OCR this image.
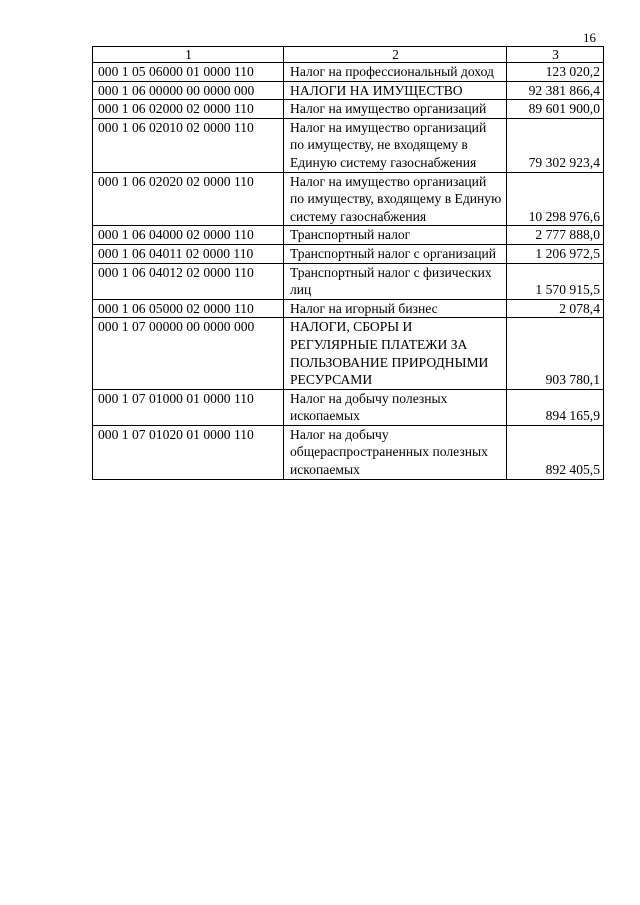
16
1	2	3
000 1 05 06000 01 0000 110	Налог на профессиональный доход	123 020,2
000 1 06 00000 00 0000 000	НАЛОГИ НА ИМУЩЕСТВО	92 381 866,4
000 1 06 02000 02 0000 110	Налог на имущество организаций	89 601 900,0
000 1 06 02010 02 0000 110	Налог на имущество организаций по имуществу, не входящему в Единую систему газоснабжения	79 302 923,4
000 1 06 02020 02 0000 110	Налог на имущество организаций по имуществу, входящему в Единую систему газоснабжения	10 298 976,6
000 1 06 04000 02 0000 110	Транспортный налог	2 777 888,0
000 1 06 04011 02 0000 110	Транспортный налог с организаций	1 206 972,5
000 1 06 04012 02 0000 110	Транспортный налог с физических лиц	1 570 915,5
000 1 06 05000 02 0000 110	Налог на игорный бизнес	2 078,4
000 1 07 00000 00 0000 000	НАЛОГИ, СБОРЫ И РЕГУЛЯРНЫЕ ПЛАТЕЖИ ЗА ПОЛЬЗОВАНИЕ ПРИРОДНЫМИ РЕСУРСАМИ	903 780,1
000 1 07 01000 01 0000 110	Налог на добычу полезных ископаемых	894 165,9
000 1 07 01020 01 0000 110	Налог на добычу общераспространенных полезных ископаемых	892 405,5
